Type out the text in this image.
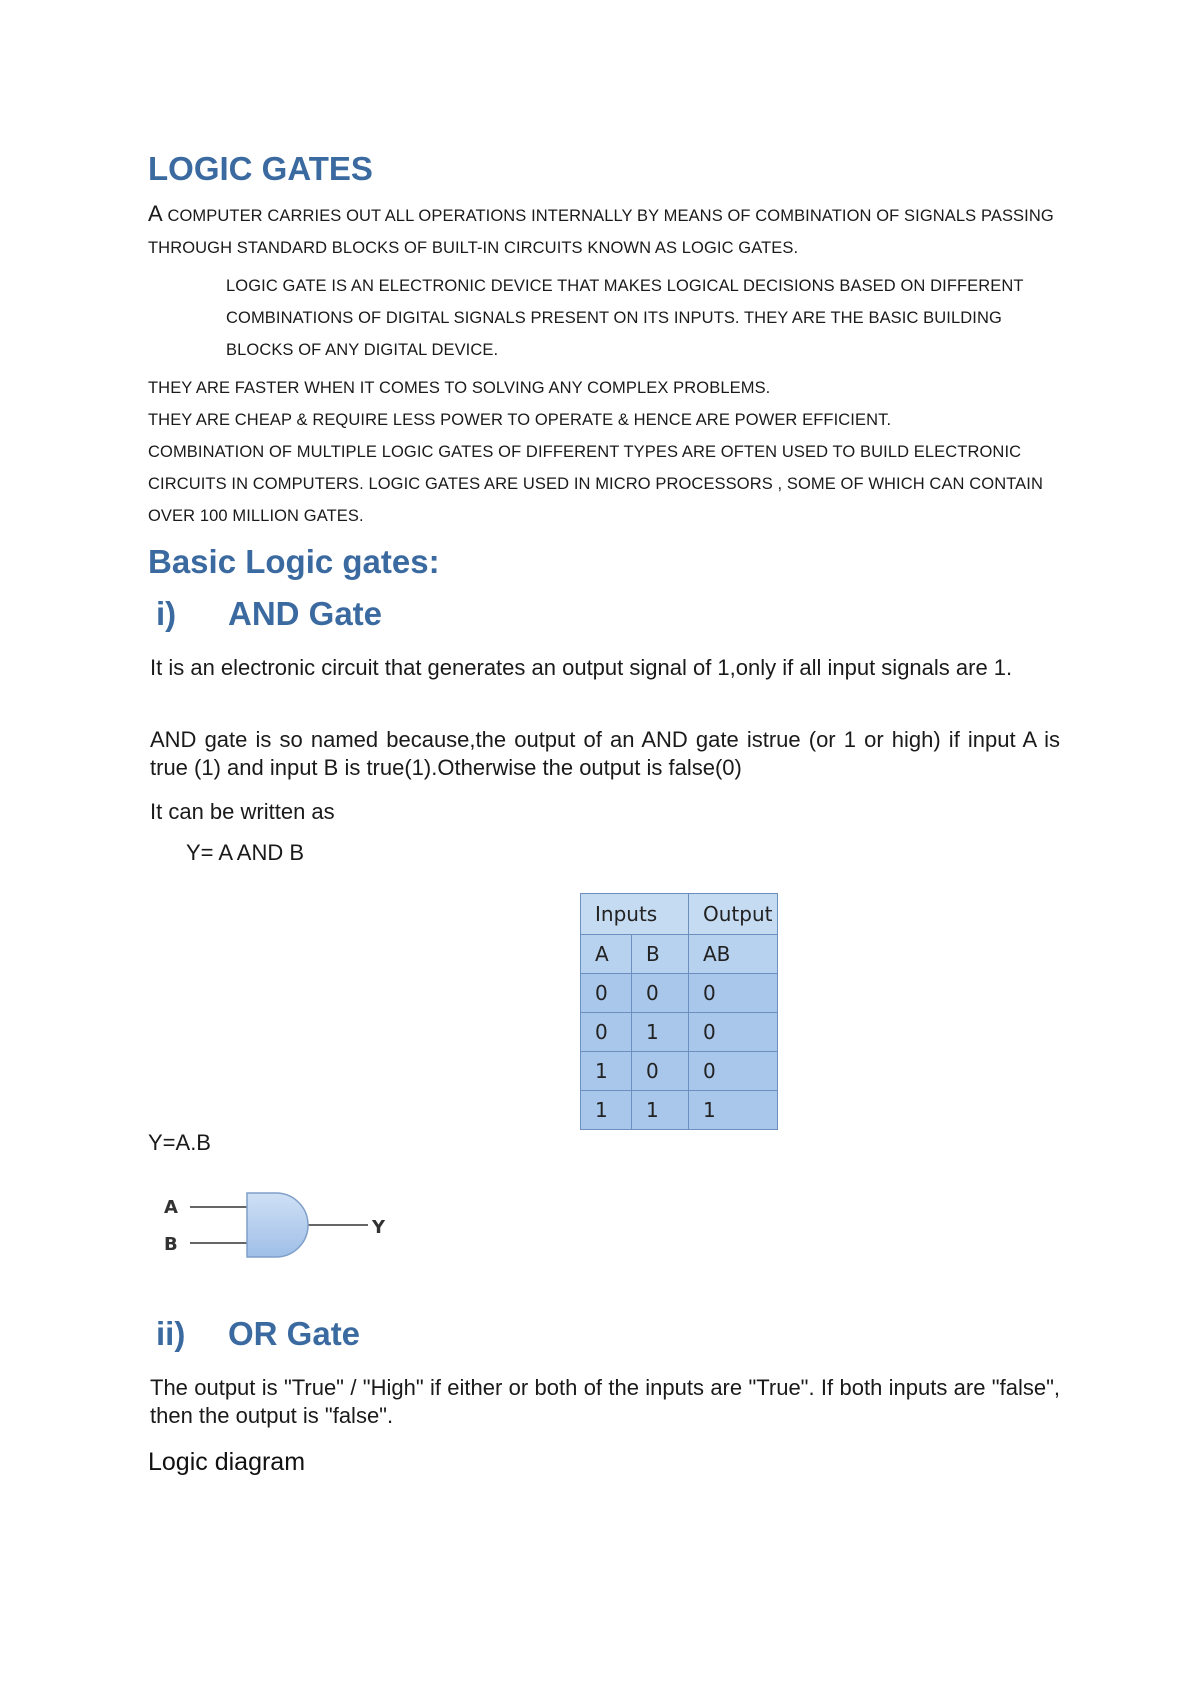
LOGIC GATES

A COMPUTER CARRIES OUT ALL OPERATIONS INTERNALLY BY MEANS OF COMBINATION OF SIGNALS PASSING THROUGH STANDARD BLOCKS OF BUILT-IN CIRCUITS KNOWN AS LOGIC GATES.

LOGIC GATE IS AN ELECTRONIC DEVICE THAT MAKES LOGICAL DECISIONS BASED ON DIFFERENT COMBINATIONS OF DIGITAL SIGNALS PRESENT ON ITS INPUTS. THEY ARE THE BASIC BUILDING BLOCKS OF ANY DIGITAL DEVICE.

THEY ARE FASTER WHEN IT COMES TO SOLVING ANY COMPLEX PROBLEMS.

THEY ARE CHEAP & REQUIRE LESS POWER TO OPERATE & HENCE ARE POWER EFFICIENT.

COMBINATION OF MULTIPLE LOGIC GATES OF DIFFERENT TYPES ARE OFTEN USED TO BUILD ELECTRONIC CIRCUITS IN COMPUTERS. LOGIC GATES ARE USED IN MICRO PROCESSORS , SOME OF WHICH CAN CONTAIN OVER 100 MILLION GATES.

Basic Logic gates:
i) AND Gate

It is an electronic circuit that generates an output signal of 1,only if all input signals are 1.

AND gate is so named because,the output of an AND gate istrue (or 1 or high) if input A is true (1) and input B is true(1).Otherwise the output is false(0)

It can be written as

Y= A AND B

Inputs		Output
A	B	AB
0	0	0
0	1	0
1	0	0
1	1	1

Y=A.B

A
B
Y
ii) OR Gate

The output is "True" / "High" if either or both of the inputs are "True". If both inputs are "false", then the output is "false".

Logic diagram
